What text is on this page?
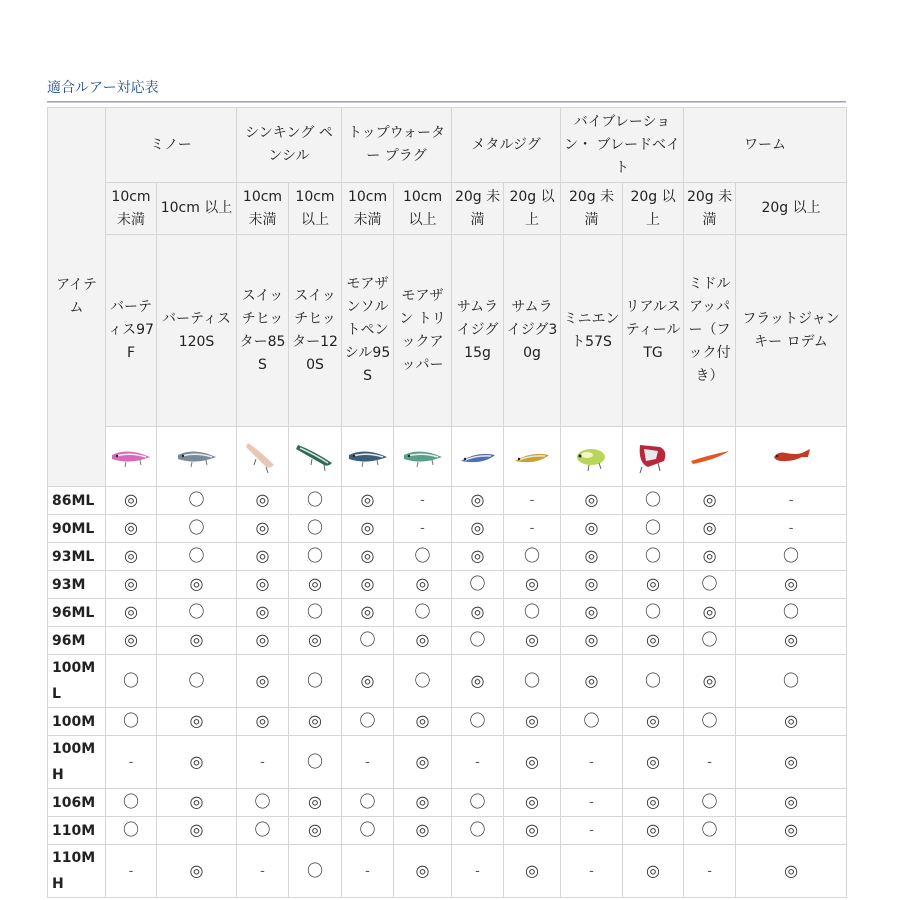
適合ルアー対応表
アイテム	ミノー		シンキング ペンシル		トップウォーター プラグ		メタルジグ		バイブレーション・ ブレードベイト		ワーム	
	10cm 未満	10cm 以上	10cm 未満	10cm 以上	10cm 未満	10cm 以上	20g 未満	20g 以上	20g 未満	20g 以上	20g 未満	20g 以上
	バーティス97F	バーティス120S	スイッチヒッター85S	スイッチヒッター120S	モアザンソルトペンシル95S	モアザン トリックアッパー	サムライジグ15g	サムライジグ30g	ミニエント57S	リアルスティールTG	ミドルアッパー（フック付き）	フラットジャンキー ロデム

86ML	◎	〇	◎	〇	◎	-	◎	-	◎	〇	◎	-
90ML	◎	〇	◎	〇	◎	-	◎	-	◎	〇	◎	-
93ML	◎	〇	◎	〇	◎	〇	◎	〇	◎	〇	◎	〇
93M	◎	◎	◎	◎	◎	◎	〇	◎	◎	◎	〇	◎
96ML	◎	〇	◎	〇	◎	〇	◎	〇	◎	〇	◎	〇
96M	◎	◎	◎	◎	〇	◎	〇	◎	◎	◎	〇	◎
100ML	〇	〇	◎	〇	◎	〇	◎	〇	◎	〇	◎	〇
100M	〇	◎	◎	◎	〇	◎	〇	◎	〇	◎	〇	◎
100MH	-	◎	-	〇	-	◎	-	◎	-	◎	-	◎
106M	〇	◎	〇	◎	〇	◎	〇	◎	-	◎	〇	◎
110M	〇	◎	〇	◎	〇	◎	〇	◎	-	◎	〇	◎
110MH	-	◎	-	〇	-	◎	-	◎	-	◎	-	◎
